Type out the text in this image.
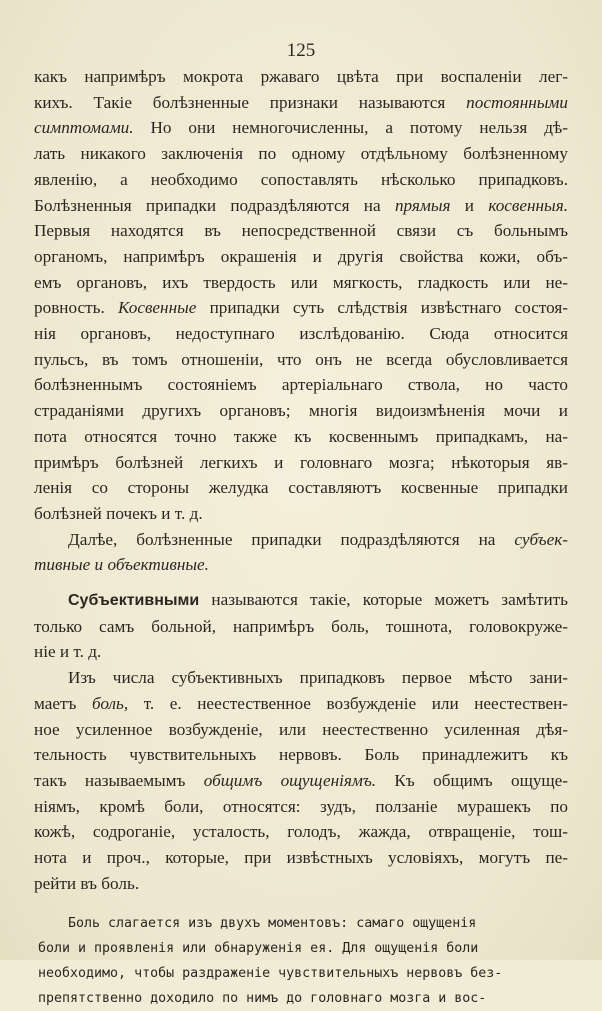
125
какъ напримѣръ мокрота ржаваго цвѣта при воспаленіи лег-
кихъ. Такіе болѣзненные признаки называются постоянными
симптомами. Но они немногочисленны, а потому нельзя дѣ-
лать никакого заключенія по одному отдѣльному болѣзненному
явленію, а необходимо сопоставлять нѣсколько припадковъ.
Болѣзненныя припадки подраздѣляются на прямыя и косвенныя.
Первыя находятся въ непосредственной связи съ больнымъ
органомъ, напримѣръ окрашенія и другія свойства кожи, объ-
емъ органовъ, ихъ твердость или мягкость, гладкость или не-
ровность. Косвенные припадки суть слѣдствія извѣстнаго состоя-
нія органовъ, недоступнаго изслѣдованію. Сюда относится
пульсъ, въ томъ отношеніи, что онъ не всегда обусловливается
болѣзненнымъ состояніемъ артеріальнаго ствола, но часто
страданіями другихъ органовъ; многія видоизмѣненія мочи и
пота относятся точно также къ косвеннымъ припадкамъ, на-
примѣръ болѣзней легкихъ и головнаго мозга; нѣкоторыя яв-
ленія со стороны желудка составляютъ косвенные припадки
болѣзней почекъ и т. д.
Далѣе, болѣзненные припадки подраздѣляются на субъек-
тивные и объективные.
Субъективными называются такіе, которые можетъ замѣтить
только самъ больной, напримѣръ боль, тошнота, головокруже-
ніе и т. д.
Изъ числа субъективныхъ припадковъ первое мѣсто зани-
маетъ боль, т. е. неестественное возбужденіе или неестествен-
ное усиленное возбужденіе, или неестественно усиленная дѣя-
тельность чувствительныхъ нервовъ. Боль принадлежитъ къ
такъ называемымъ общимъ ощущеніямъ. Къ общимъ ощуще-
ніямъ, кромѣ боли, относятся: зудъ, ползаніе мурашекъ по
кожѣ, содроганіе, усталость, голодъ, жажда, отвращеніе, тош-
нота и проч., которые, при извѣстныхъ условіяхъ, могутъ пе-
рейти въ боль.
Боль слагается изъ двухъ моментовъ: самаго ощущенія
боли и проявленія или обнаруженія ея. Для ощущенія боли
необходимо, чтобы раздраженіе чувствительныхъ нервовъ без-
препятственно доходило по нимъ до головнаго мозга и вос-
